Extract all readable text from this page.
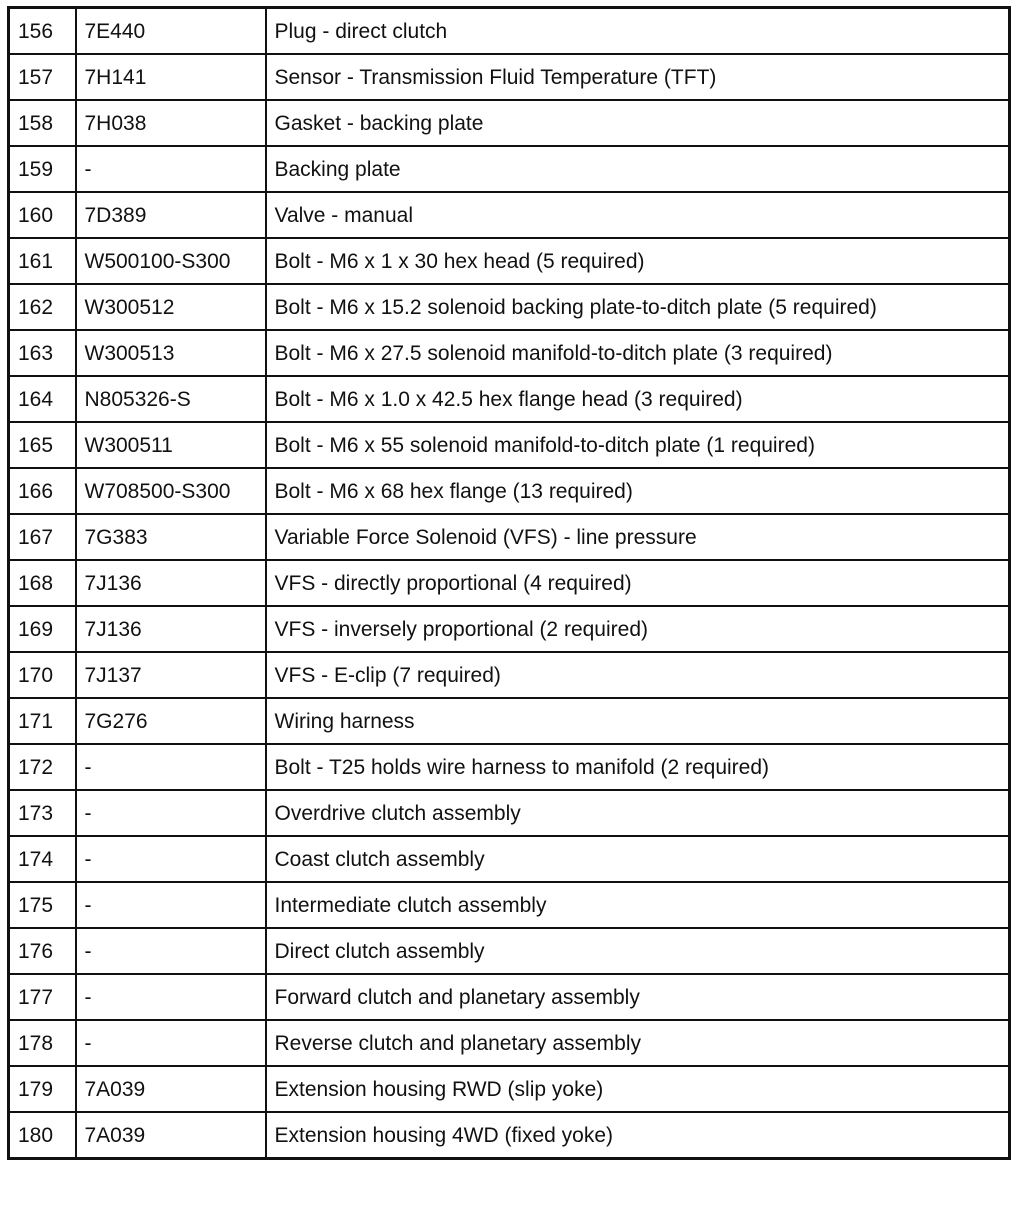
156	7E440	Plug - direct clutch
157	7H141	Sensor - Transmission Fluid Temperature (TFT)
158	7H038	Gasket - backing plate
159	-	Backing plate
160	7D389	Valve - manual
161	W500100-S300	Bolt - M6 x 1 x 30 hex head (5 required)
162	W300512	Bolt - M6 x 15.2 solenoid backing plate-to-ditch plate (5 required)
163	W300513	Bolt - M6 x 27.5 solenoid manifold-to-ditch plate (3 required)
164	N805326-S	Bolt - M6 x 1.0 x 42.5 hex flange head (3 required)
165	W300511	Bolt - M6 x 55 solenoid manifold-to-ditch plate (1 required)
166	W708500-S300	Bolt - M6 x 68 hex flange (13 required)
167	7G383	Variable Force Solenoid (VFS) - line pressure
168	7J136	VFS - directly proportional (4 required)
169	7J136	VFS - inversely proportional (2 required)
170	7J137	VFS - E-clip (7 required)
171	7G276	Wiring harness
172	-	Bolt - T25 holds wire harness to manifold (2 required)
173	-	Overdrive clutch assembly
174	-	Coast clutch assembly
175	-	Intermediate clutch assembly
176	-	Direct clutch assembly
177	-	Forward clutch and planetary assembly
178	-	Reverse clutch and planetary assembly
179	7A039	Extension housing RWD (slip yoke)
180	7A039	Extension housing 4WD (fixed yoke)
